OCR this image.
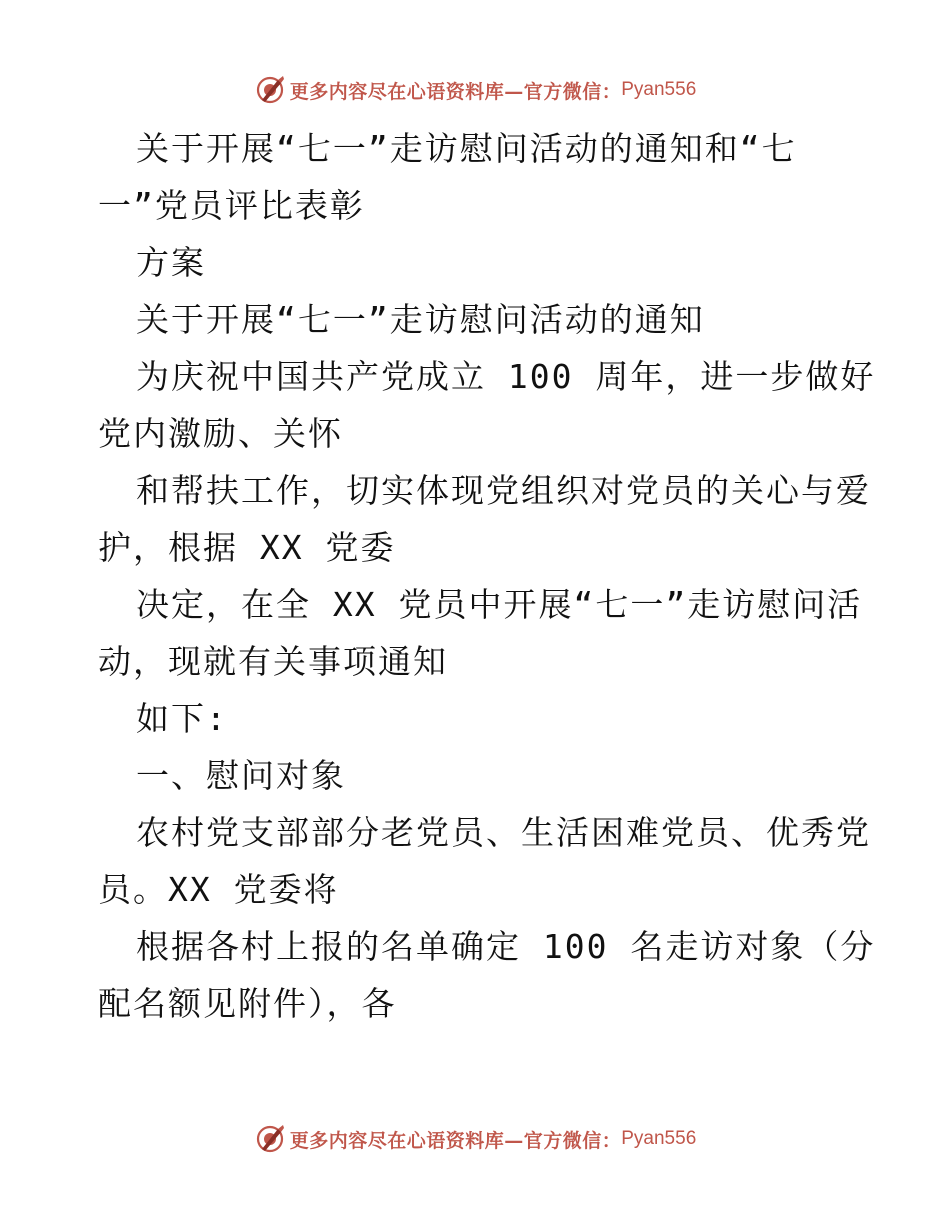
更多内容尽在心语资料库—官方微信： Pyan556
关于开展“七一”走访慰问活动的通知和“七
一”党员评比表彰
方案
关于开展“七一”走访慰问活动的通知
为庆祝中国共产党成立 100 周年，进一步做好
党内激励、关怀
和帮扶工作，切实体现党组织对党员的关心与爱
护，根据 XX 党委
决定，在全 XX 党员中开展“七一”走访慰问活
动，现就有关事项通知
如下:
一、慰问对象
农村党支部部分老党员、生活困难党员、优秀党
员。XX 党委将
根据各村上报的名单确定 100 名走访对象（分
配名额见附件），各
更多内容尽在心语资料库—官方微信： Pyan556
